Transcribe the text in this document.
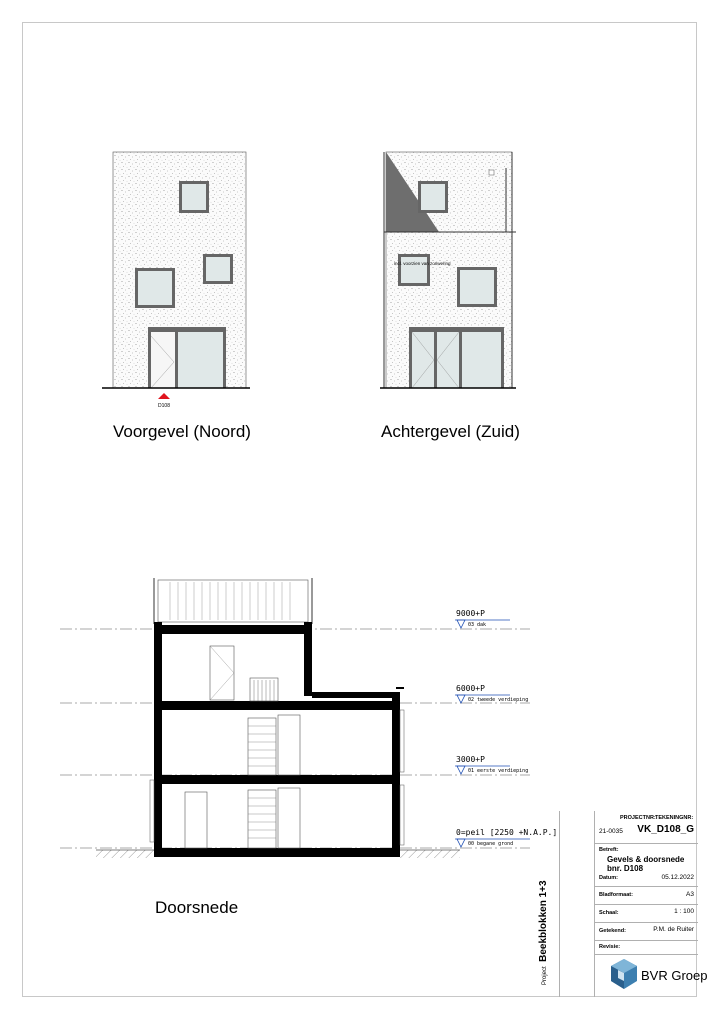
D108
Voorgevel (Noord)
incl. voorzien van zonwering
Achtergevel (Zuid)
9000+P
03 dak
6000+P
02 tweede verdieping
3000+P
01 eerste verdieping
0=peil [2250 +N.A.P.]
00 begane grond
Doorsnede
PROJECTNR: TEKENINGNR:
21-0035 VK_D108_G
Betreft:
Gevels & doorsnede
bnr. D108
Datum:	05.12.2022
Bladformaat:	A3
Schaal:	1 : 100
Getekend:	P.M. de Ruiter
Revisie:
BVR Groep
Project Beekblokken 1+3
